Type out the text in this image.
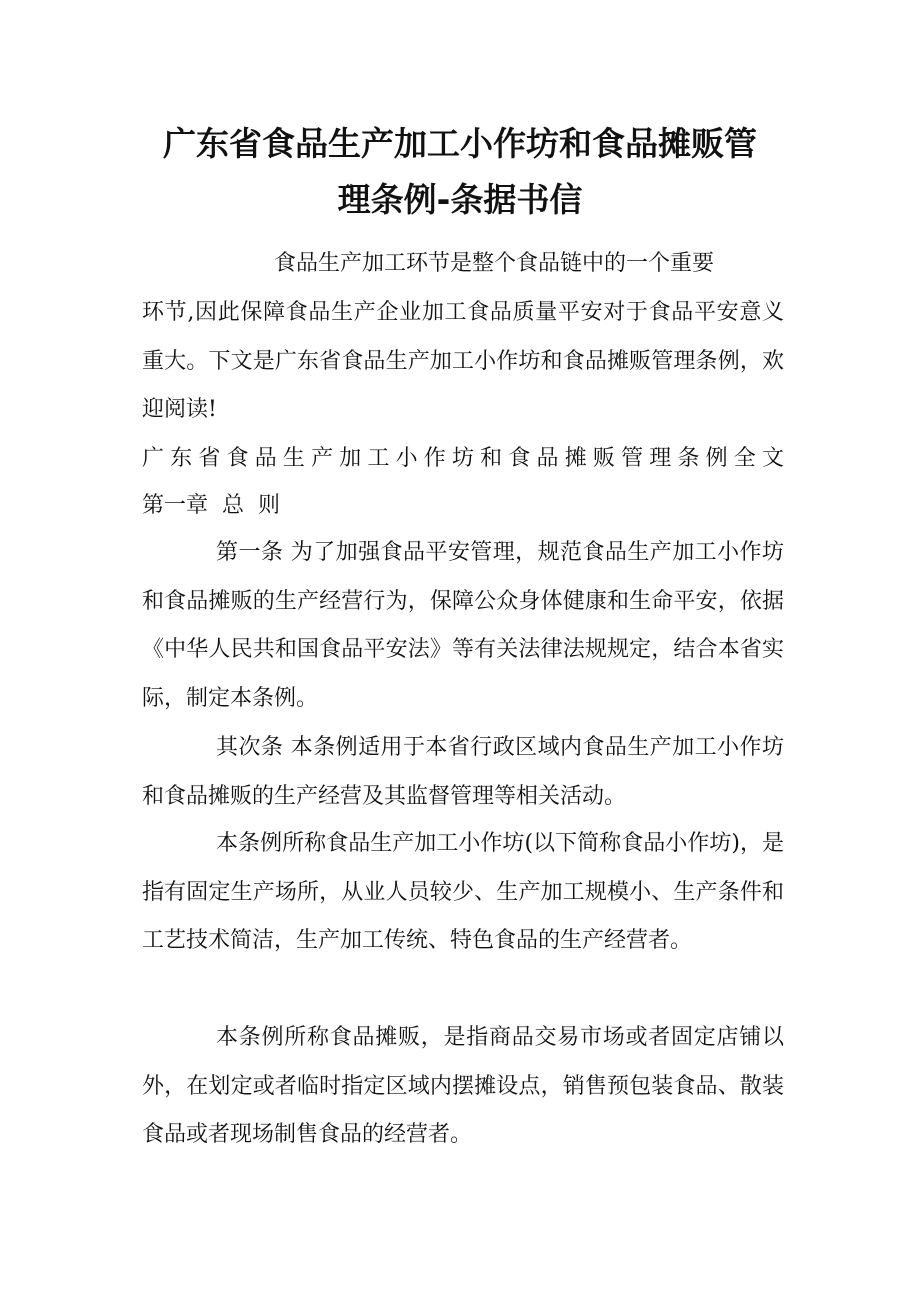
广东省食品生产加工小作坊和食品摊贩管
理条例-条据书信

食品生产加工环节是整个食品链中的一个重要

环节,因此保障食品生产企业加工食品质量平安对于食品平安意义重大。下文是广东省食品生产加工小作坊和食品摊贩管理条例，欢迎阅读!

广东省食品生产加工小作坊和食品摊贩管理条例全文

第一章  总  则

第一条 为了加强食品平安管理，规范食品生产加工小作坊和食品摊贩的生产经营行为，保障公众身体健康和生命平安，依据《中华人民共和国食品平安法》等有关法律法规规定，结合本省实际，制定本条例。

其次条 本条例适用于本省行政区域内食品生产加工小作坊和食品摊贩的生产经营及其监督管理等相关活动。

本条例所称食品生产加工小作坊(以下简称食品小作坊)，是指有固定生产场所，从业人员较少、生产加工规模小、生产条件和工艺技术简洁，生产加工传统、特色食品的生产经营者。

本条例所称食品摊贩，是指商品交易市场或者固定店铺以外，在划定或者临时指定区域内摆摊设点，销售预包装食品、散装食品或者现场制售食品的经营者。
